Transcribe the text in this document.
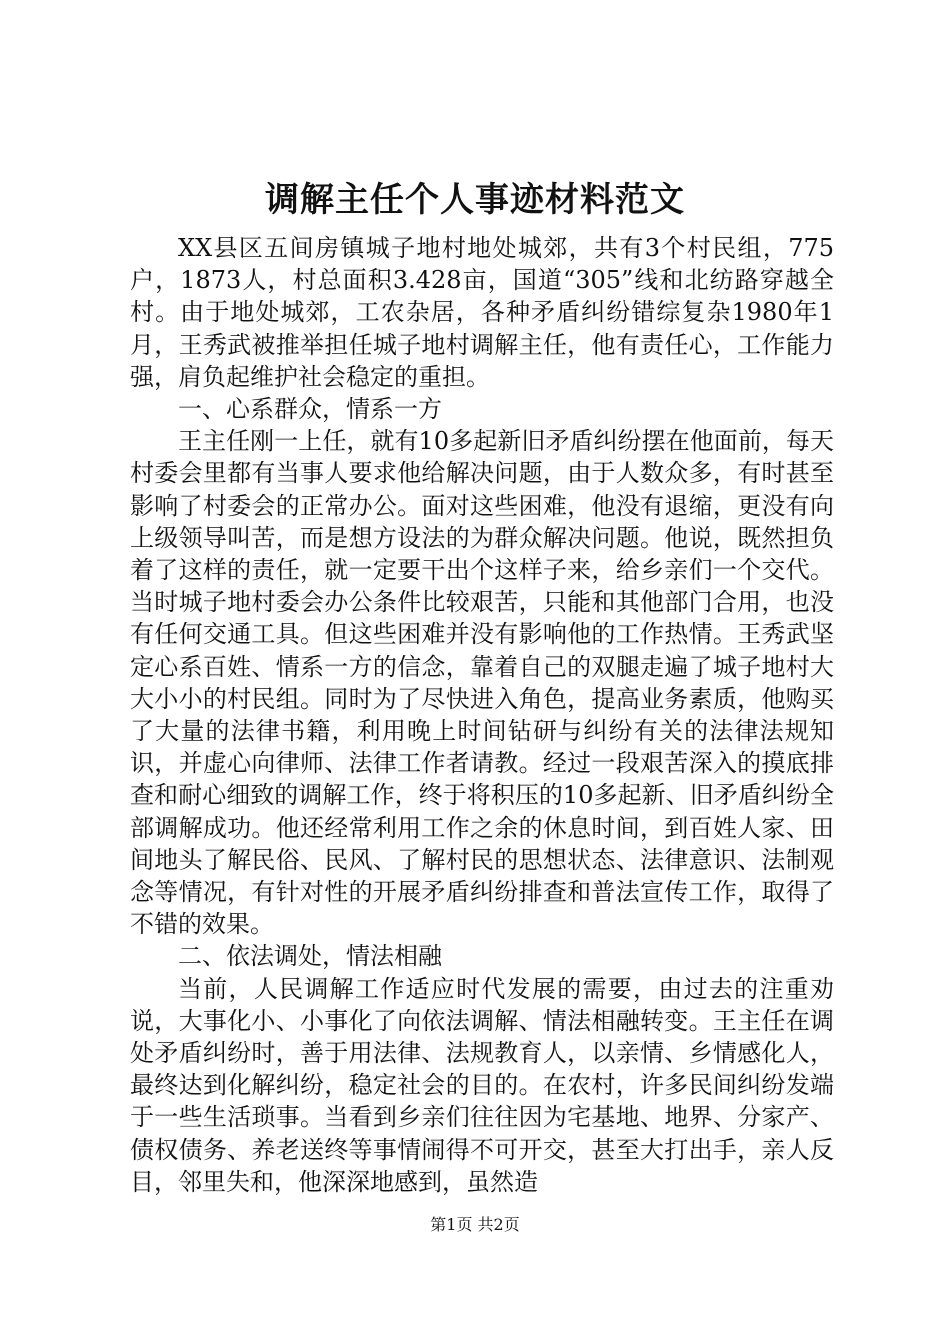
调解主任个人事迹材料范文

XX县区五间房镇城子地村地处城郊，共有3个村民组，775户，1873人，村总面积3.428亩，国道“305”线和北纺路穿越全村。由于地处城郊，工农杂居，各种矛盾纠纷错综复杂1980年1月，王秀武被推举担任城子地村调解主任，他有责任心，工作能力强，肩负起维护社会稳定的重担。

一、心系群众，情系一方

王主任刚一上任，就有10多起新旧矛盾纠纷摆在他面前，每天村委会里都有当事人要求他给解决问题，由于人数众多，有时甚至影响了村委会的正常办公。面对这些困难，他没有退缩，更没有向上级领导叫苦，而是想方设法的为群众解决问题。他说，既然担负着了这样的责任，就一定要干出个这样子来，给乡亲们一个交代。当时城子地村委会办公条件比较艰苦，只能和其他部门合用，也没有任何交通工具。但这些困难并没有影响他的工作热情。王秀武坚定心系百姓、情系一方的信念，靠着自己的双腿走遍了城子地村大大小小的村民组。同时为了尽快进入角色，提高业务素质，他购买了大量的法律书籍，利用晚上时间钻研与纠纷有关的法律法规知识，并虚心向律师、法律工作者请教。经过一段艰苦深入的摸底排查和耐心细致的调解工作，终于将积压的10多起新、旧矛盾纠纷全部调解成功。他还经常利用工作之余的休息时间，到百姓人家、田间地头了解民俗、民风、了解村民的思想状态、法律意识、法制观念等情况，有针对性的开展矛盾纠纷排查和普法宣传工作，取得了不错的效果。

二、依法调处，情法相融

当前，人民调解工作适应时代发展的需要，由过去的注重劝说，大事化小、小事化了向依法调解、情法相融转变。王主任在调处矛盾纠纷时，善于用法律、法规教育人，以亲情、乡情感化人，最终达到化解纠纷，稳定社会的目的。在农村，许多民间纠纷发端于一些生活琐事。当看到乡亲们往往因为宅基地、地界、分家产、债权债务、养老送终等事情闹得不可开交，甚至大打出手，亲人反目，邻里失和，他深深地感到，虽然造

第1页 共2页
